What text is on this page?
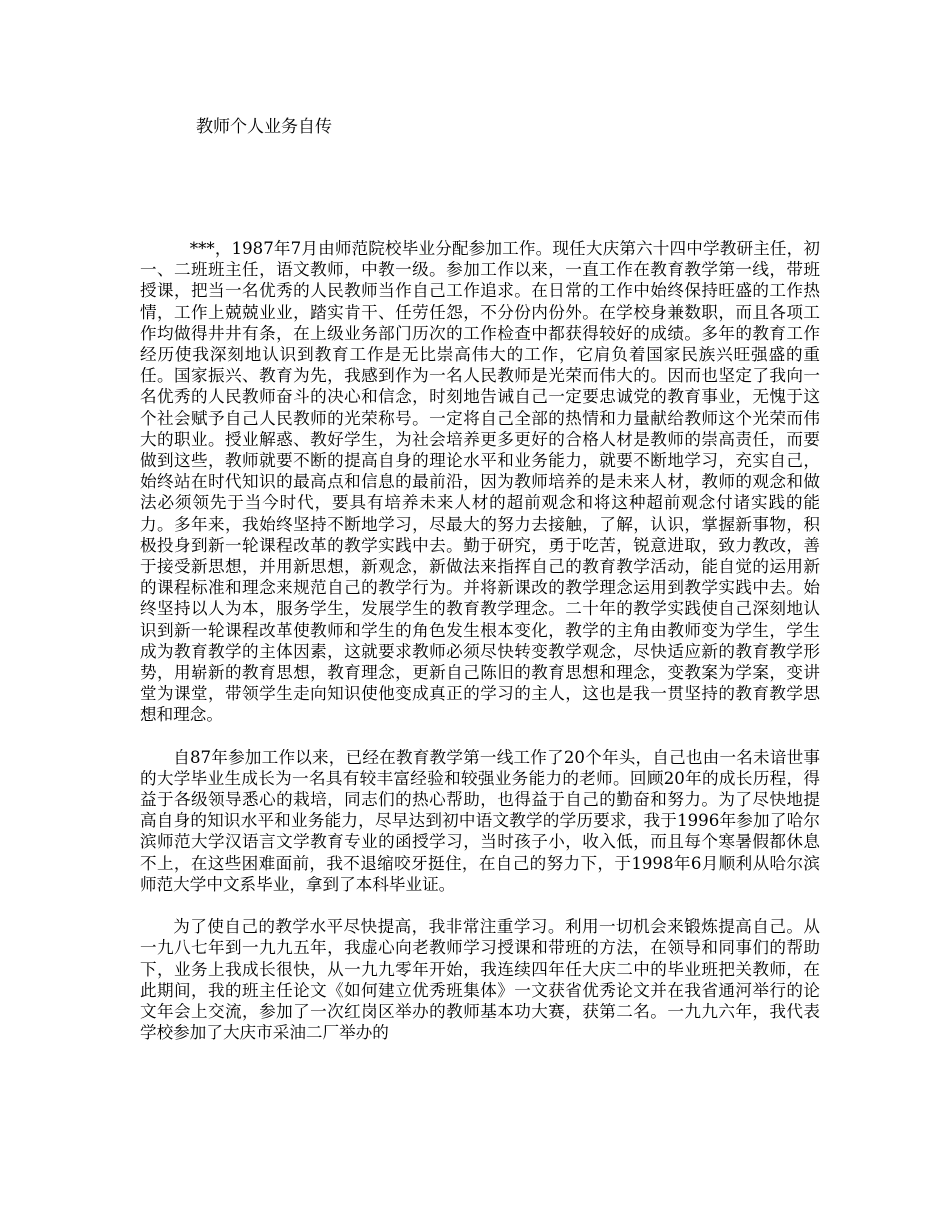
教师个人业务自传

***，1987年7月由师范院校毕业分配参加工作。现任大庆第六十四中学教研主任，初一、二班班主任，语文教师，中教一级。参加工作以来，一直工作在教育教学第一线，带班授课，把当一名优秀的人民教师当作自己工作追求。在日常的工作中始终保持旺盛的工作热情，工作上兢兢业业，踏实肯干、任劳任怨，不分份内份外。在学校身兼数职，而且各项工作均做得井井有条，在上级业务部门历次的工作检查中都获得较好的成绩。多年的教育工作经历使我深刻地认识到教育工作是无比崇高伟大的工作，它肩负着国家民族兴旺强盛的重任。国家振兴、教育为先，我感到作为一名人民教师是光荣而伟大的。因而也坚定了我向一名优秀的人民教师奋斗的决心和信念，时刻地告诫自己一定要忠诚党的教育事业，无愧于这个社会赋予自己人民教师的光荣称号。一定将自己全部的热情和力量献给教师这个光荣而伟大的职业。授业解惑、教好学生，为社会培养更多更好的合格人材是教师的崇高责任，而要做到这些，教师就要不断的提高自身的理论水平和业务能力，就要不断地学习，充实自己，始终站在时代知识的最高点和信息的最前沿，因为教师培养的是未来人材，教师的观念和做法必须领先于当今时代，要具有培养未来人材的超前观念和将这种超前观念付诸实践的能力。多年来，我始终坚持不断地学习，尽最大的努力去接触，了解，认识，掌握新事物，积极投身到新一轮课程改革的教学实践中去。勤于研究，勇于吃苦，锐意进取，致力教改，善于接受新思想，并用新思想，新观念，新做法来指挥自己的教育教学活动，能自觉的运用新的课程标准和理念来规范自己的教学行为。并将新课改的教学理念运用到教学实践中去。始终坚持以人为本，服务学生，发展学生的教育教学理念。二十年的教学实践使自己深刻地认识到新一轮课程改革使教师和学生的角色发生根本变化，教学的主角由教师变为学生，学生成为教育教学的主体因素，这就要求教师必须尽快转变教学观念，尽快适应新的教育教学形势，用崭新的教育思想，教育理念，更新自己陈旧的教育思想和理念，变教案为学案，变讲堂为课堂，带领学生走向知识使他变成真正的学习的主人，这也是我一贯坚持的教育教学思想和理念。

自87年参加工作以来，已经在教育教学第一线工作了20个年头，自己也由一名未谙世事的大学毕业生成长为一名具有较丰富经验和较强业务能力的老师。回顾20年的成长历程，得益于各级领导悉心的栽培，同志们的热心帮助，也得益于自己的勤奋和努力。为了尽快地提高自身的知识水平和业务能力，尽早达到初中语文教学的学历要求，我于1996年参加了哈尔滨师范大学汉语言文学教育专业的函授学习，当时孩子小，收入低，而且每个寒暑假都休息不上，在这些困难面前，我不退缩咬牙挺住，在自己的努力下，于1998年6月顺利从哈尔滨师范大学中文系毕业，拿到了本科毕业证。

为了使自己的教学水平尽快提高，我非常注重学习。利用一切机会来锻炼提高自己。从一九八七年到一九九五年，我虚心向老教师学习授课和带班的方法，在领导和同事们的帮助下，业务上我成长很快，从一九九零年开始，我连续四年任大庆二中的毕业班把关教师，在此期间，我的班主任论文《如何建立优秀班集体》一文获省优秀论文并在我省通河举行的论文年会上交流，参加了一次红岗区举办的教师基本功大赛，获第二名。一九九六年，我代表学校参加了大庆市采油二厂举办的
